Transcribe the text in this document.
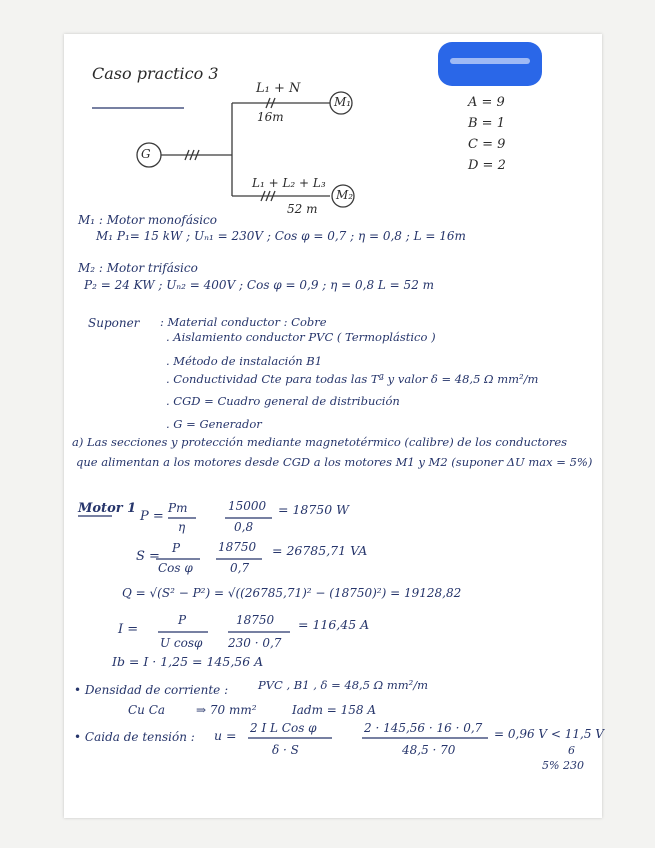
Caso practico 3
G
M₁
M₂
L₁ + N
16m
L₁ + L₂ + L₃
52 m
A = 9
B = 1
C = 9
D = 2
M₁ : Motor monofásico
M₁ P₁= 15 kW ; Uₙ₁ = 230V ; Cos φ = 0,7 ; η = 0,8 ; L = 16m
M₂ : Motor trifásico
P₂ = 24 KW ; Uₙ₂ = 400V ; Cos φ = 0,9 ; η = 0,8 L = 52 m
Suponer : Material conductor : Cobre
. Aislamiento conductor PVC ( Termoplástico )
. Método de instalación B1
. Conductividad Cte para todas las Tª y valor δ = 48,5 Ω mm²/m
. CGD = Cuadro general de distribución
. G = Generador
a) Las secciones y protección mediante magnetotérmico (calibre) de los conductores
que alimentan a los motores desde CGD a los motores M1 y M2 (suponer ΔU max = 5%)
Motor 1
P =
Pm
η
15000
0,8
= 18750 W
S =
P
Cos φ
18750
0,7
= 26785,71 VA
Q = √(S² − P²) = √((26785,71)² − (18750)²) = 19128,82
I =
P
U cosφ
18750
230 · 0,7
= 116,45 A
Ib = I · 1,25 = 145,56 A
• Densidad de corriente :	PVC , B1 , δ = 48,5 Ω mm²/m
Cu Ca	⇒ 70 mm²	Iadm = 158 A
• Caida de tensión : u = 2 I L Cos φ
δ · S
2 · 145,56 · 16 · 0,7
48,5 · 70
= 0,96 V < 11,5 V
6
5% 230
